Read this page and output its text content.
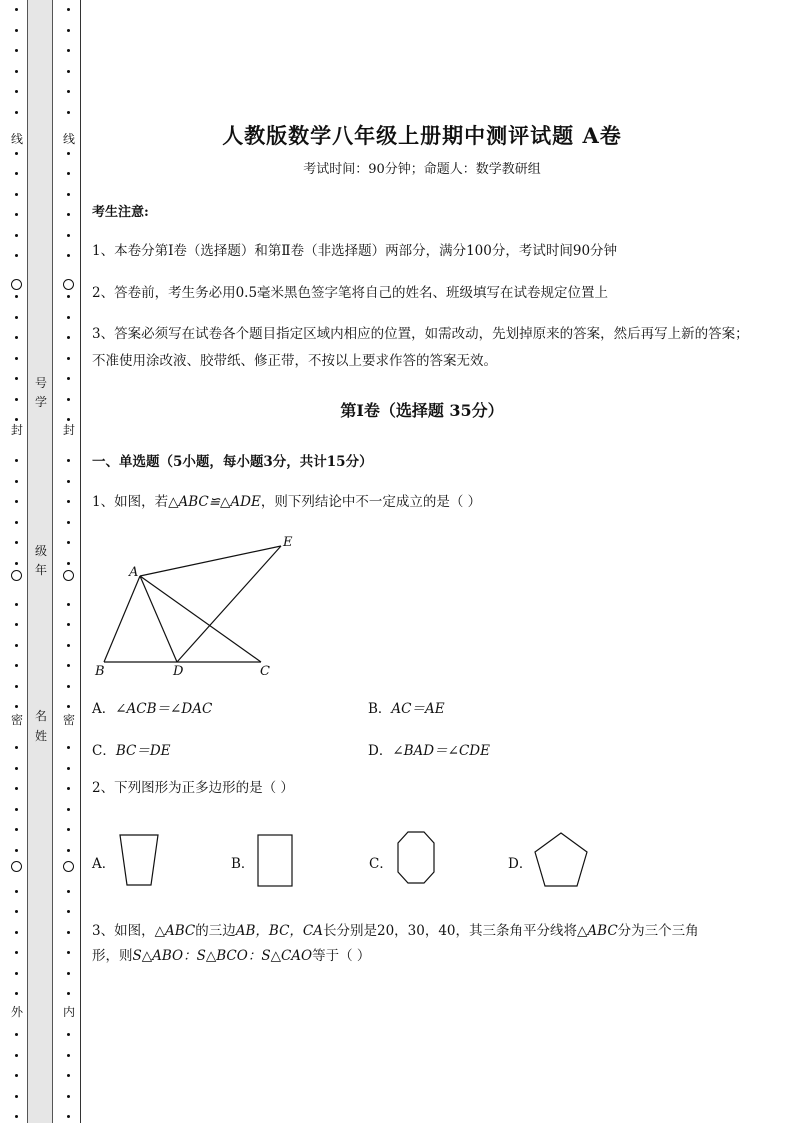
线
封
密
外
号
学
级
年
名
姓
线
封
密
内
人教版数学八年级上册期中测评试题 A卷
考试时间：90分钟；命题人：数学教研组
考生注意:
1、本卷分第I卷（选择题）和第Ⅱ卷（非选择题）两部分，满分100分，考试时间90分钟
2、答卷前，考生务必用0.5毫米黑色签字笔将自己的姓名、班级填写在试卷规定位置上
3、答案必须写在试卷各个题目指定区域内相应的位置，如需改动，先划掉原来的答案，然后再写上新的答案；不准使用涂改液、胶带纸、修正带，不按以上要求作答的答案无效。
第I卷（选择题 35分）
一、单选题（5小题，每小题3分，共计15分）
1、如图，若△ABC≌△ADE，则下列结论中不一定成立的是（ ）
A
B	C
D
E
A．∠ACB＝∠DAC	B．AC＝AE
C．BC＝DE	D．∠BAD＝∠CDE
2、下列图形为正多边形的是（ ）
A．	B．	C．	D．
3、如图，△ABC的三边AB，BC，CA长分别是20，30，40，其三条角平分线将△ABC分为三个三角
形，则S△ABO：S△BCO：S△CAO等于（ ）
